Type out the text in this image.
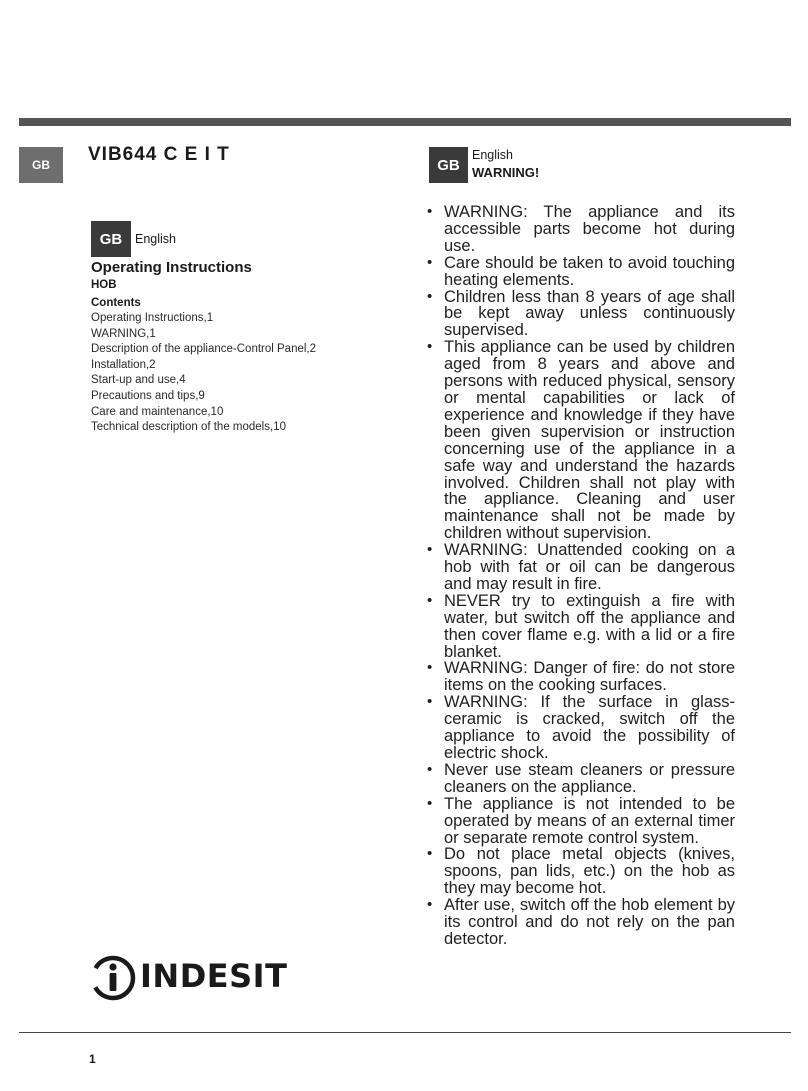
GB	VIB644 C E I T
GB	English

Operating Instructions

HOB

Contents

Operating Instructions,1
WARNING,1
Description of the appliance-Control Panel,2
Installation,2
Start-up and use,4
Precautions and tips,9
Care and maintenance,10
Technical description of the models,10
GB
English
WARNING!
• WARNING: The appliance and its accessible parts become hot during use.
• Care should be taken to avoid touching heating elements.
• Children less than 8 years of age shall be kept away unless continuously supervised.
• This appliance can be used by children aged from 8 years and above and persons with reduced physical, sensory or mental capabilities or lack of experience and knowledge if they have been given supervision or instruction concerning use of the appliance in a safe way and understand the hazards involved. Children shall not play with the appliance. Cleaning and user maintenance shall not be made by children without supervision.
• WARNING: Unattended cooking on a hob with fat or oil can be dangerous and may result in fire.
• NEVER try to extinguish a fire with water, but switch off the appliance and then cover flame e.g. with a lid or a fire blanket.
• WARNING: Danger of fire: do not store items on the cooking surfaces.
• WARNING: If the surface in glass-ceramic is cracked, switch off the appliance to avoid the possibility of electric shock.
• Never use steam cleaners or pressure cleaners on the appliance.
• The appliance is not intended to be operated by means of an external timer or separate remote control system.
• Do not place metal objects (knives, spoons, pan lids, etc.) on the hob as they may become hot.
• After use, switch off the hob element by its control and do not rely on the pan detector.
INDESIT
1
